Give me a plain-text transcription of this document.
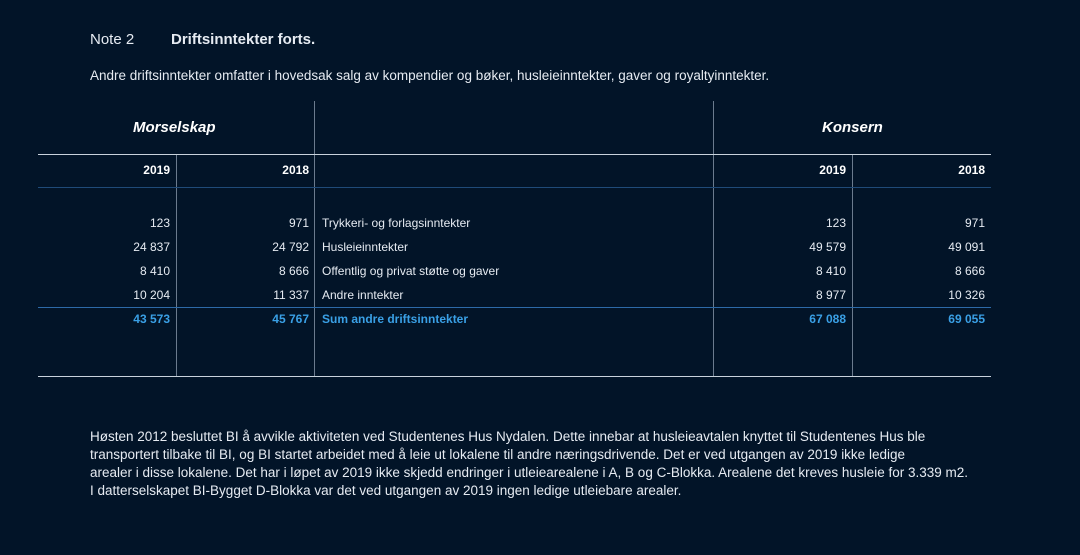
Note 2 Driftsinntekter forts.
Andre driftsinntekter omfatter i hovedsak salg av kompendier og bøker, husleieinntekter, gaver og royaltyinntekter.
Morselskap	Konsern
2019	2018	2019	2018
123	971 Trykkeri- og forlagsinntekter	123	971
24 837	24 792 Husleieinntekter	49 579	49 091
8 410	8 666 Offentlig og privat støtte og gaver	8 410	8 666
10 204	11 337 Andre inntekter	8 977	10 326
43 573	45 767 Sum andre driftsinntekter	67 088	69 055

Høsten 2012 besluttet BI å avvikle aktiviteten ved Studentenes Hus Nydalen. Dette innebar at husleieavtalen knyttet til Studentenes Hus ble

transportert tilbake til BI, og BI startet arbeidet med å leie ut lokalene til andre næringsdrivende. Det er ved utgangen av 2019 ikke ledige

arealer i disse lokalene. Det har i løpet av 2019 ikke skjedd endringer i utleiearealene i A, B og C-Blokka. Arealene det kreves husleie for 3.339 m2.

I datterselskapet BI-Bygget D-Blokka var det ved utgangen av 2019 ingen ledige utleiebare arealer.
